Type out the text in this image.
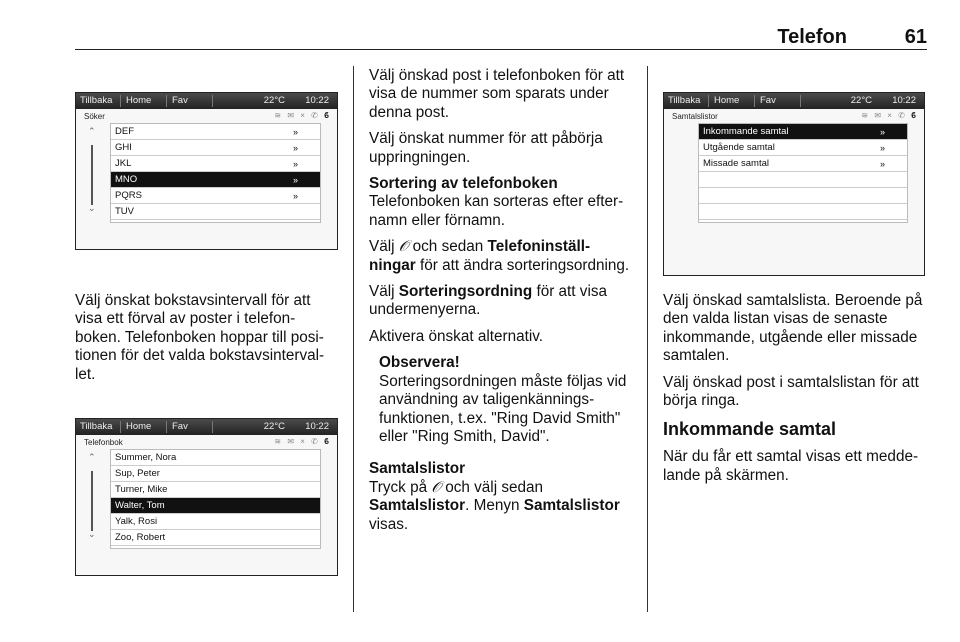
Telefon	61
Tillbaka Home Fav	22°C 10:22
Söker	≋ ✉ × ✆ ϐ
DEF	»
GHI	»
JKL	»
MNO	»
PQRS	»
TUV
⌃
⌄
Tillbaka Home Fav	22°C 10:22
Telefonbok	≋ ✉ × ✆ ϐ
Summer, Nora
Sup, Peter
Turner, Mike
Walter, Tom
Yalk, Rosi
Zoo, Robert
⌃
⌄
Tillbaka Home Fav	22°C 10:22
Samtalslistor	≋ ✉ × ✆ ϐ
Inkommande samtal	»
Utgående samtal	»
Missade samtal	»

Välj önskat bokstavsintervall för att visa ett förval av poster i telefon-boken. Telefonboken hoppar till posi-tionen för det valda bokstavsinterval-let.

Välj önskad post i telefonboken för att visa de nummer som sparats under denna post.

Välj önskat nummer för att påbörja uppringningen.

Sortering av telefonboken

Telefonboken kan sorteras efter efter-namn eller förnamn.

Välj 𝒪 och sedan Telefoninställ-ningar för att ändra sorteringsordning.

Välj Sorteringsordning för att visa undermenyerna.

Aktivera önskat alternativ.

Observera!
Sorteringsordningen måste följas vid användning av taligenkännings-funktionen, t.ex. "Ring David Smith" eller "Ring Smith, David".
Samtalslistor
Tryck på 𝒪 och välj sedan
Samtalslistor. Menyn Samtalslistor
visas.

Välj önskad samtalslista. Beroende på den valda listan visas de senaste inkommande, utgående eller missade samtalen.

Välj önskad post i samtalslistan för att börja ringa.

Inkommande samtal

När du får ett samtal visas ett medde-lande på skärmen.
